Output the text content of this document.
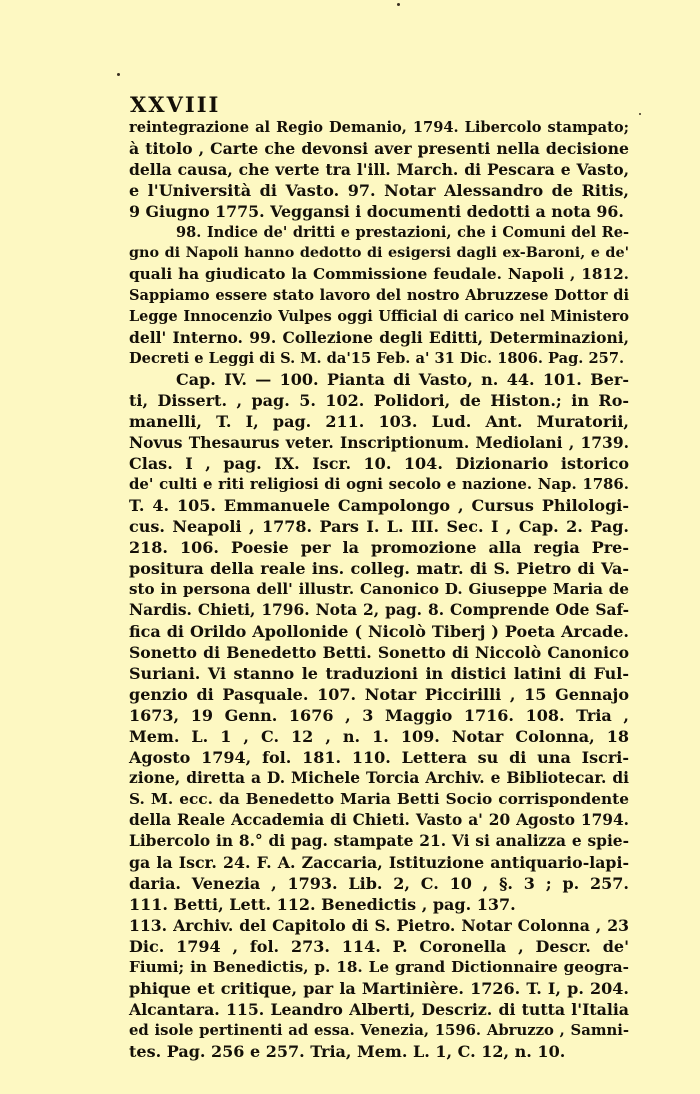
XXVIII
reintegrazione al Regio Demanio, 1794. Libercolo stampato;
à titolo , Carte che devonsi aver presenti nella decisione
della causa, che verte tra l'ill. March. di Pescara e Vasto,
e l'Università di Vasto. 97. Notar Alessandro de Ritis,
9 Giugno 1775. Veggansi i documenti dedotti a nota 96.
98. Indice de' dritti e prestazioni, che i Comuni del Re-
gno di Napoli hanno dedotto di esigersi dagli ex-Baroni, e de'
quali ha giudicato la Commissione feudale. Napoli , 1812.
Sappiamo essere stato lavoro del nostro Abruzzese Dottor di
Legge Innocenzio Vulpes oggi Ufficial di carico nel Ministero
dell' Interno. 99. Collezione degli Editti, Determinazioni,
Decreti e Leggi di S. M. da'15 Feb. a' 31 Dic. 1806. Pag. 257.
Cap. IV. — 100. Pianta di Vasto, n. 44. 101. Ber-
ti, Dissert. , pag. 5. 102. Polidori, de Histon.; in Ro-
manelli, T. I, pag. 211. 103. Lud. Ant. Muratorii,
Novus Thesaurus veter. Inscriptionum. Mediolani , 1739.
Clas. I , pag. IX. Iscr. 10. 104. Dizionario istorico
de' culti e riti religiosi di ogni secolo e nazione. Nap. 1786.
T. 4. 105. Emmanuele Campolongo , Cursus Philologi-
cus. Neapoli , 1778. Pars I. L. III. Sec. I , Cap. 2. Pag.
218. 106. Poesie per la promozione alla regia Pre-
positura della reale ins. colleg. matr. di S. Pietro di Va-
sto in persona dell' illustr. Canonico D. Giuseppe Maria de
Nardis. Chieti, 1796. Nota 2, pag. 8. Comprende Ode Saf-
fica di Orildo Apollonide ( Nicolò Tiberj ) Poeta Arcade.
Sonetto di Benedetto Betti. Sonetto di Niccolò Canonico
Suriani. Vi stanno le traduzioni in distici latini di Ful-
genzio di Pasquale. 107. Notar Piccirilli , 15 Gennajo
1673, 19 Genn. 1676 , 3 Maggio 1716. 108. Tria ,
Mem. L. 1 , C. 12 , n. 1. 109. Notar Colonna, 18
Agosto 1794, fol. 181. 110. Lettera su di una Iscri-
zione, diretta a D. Michele Torcia Archiv. e Bibliotecar. di
S. M. ecc. da Benedetto Maria Betti Socio corrispondente
della Reale Accademia di Chieti. Vasto a' 20 Agosto 1794.
Libercolo in 8.° di pag. stampate 21. Vi si analizza e spie-
ga la Iscr. 24. F. A. Zaccaria, Istituzione antiquario-lapi-
daria. Venezia , 1793. Lib. 2, C. 10 , §. 3 ; p. 257.
111. Betti, Lett. 112. Benedictis , pag. 137.
113. Archiv. del Capitolo di S. Pietro. Notar Colonna , 23
Dic. 1794 , fol. 273. 114. P. Coronella , Descr. de'
Fiumi; in Benedictis, p. 18. Le grand Dictionnaire geogra-
phique et critique, par la Martinière. 1726. T. I, p. 204.
Alcantara. 115. Leandro Alberti, Descriz. di tutta l'Italia
ed isole pertinenti ad essa. Venezia, 1596. Abruzzo , Samni-
tes. Pag. 256 e 257. Tria, Mem. L. 1, C. 12, n. 10.
